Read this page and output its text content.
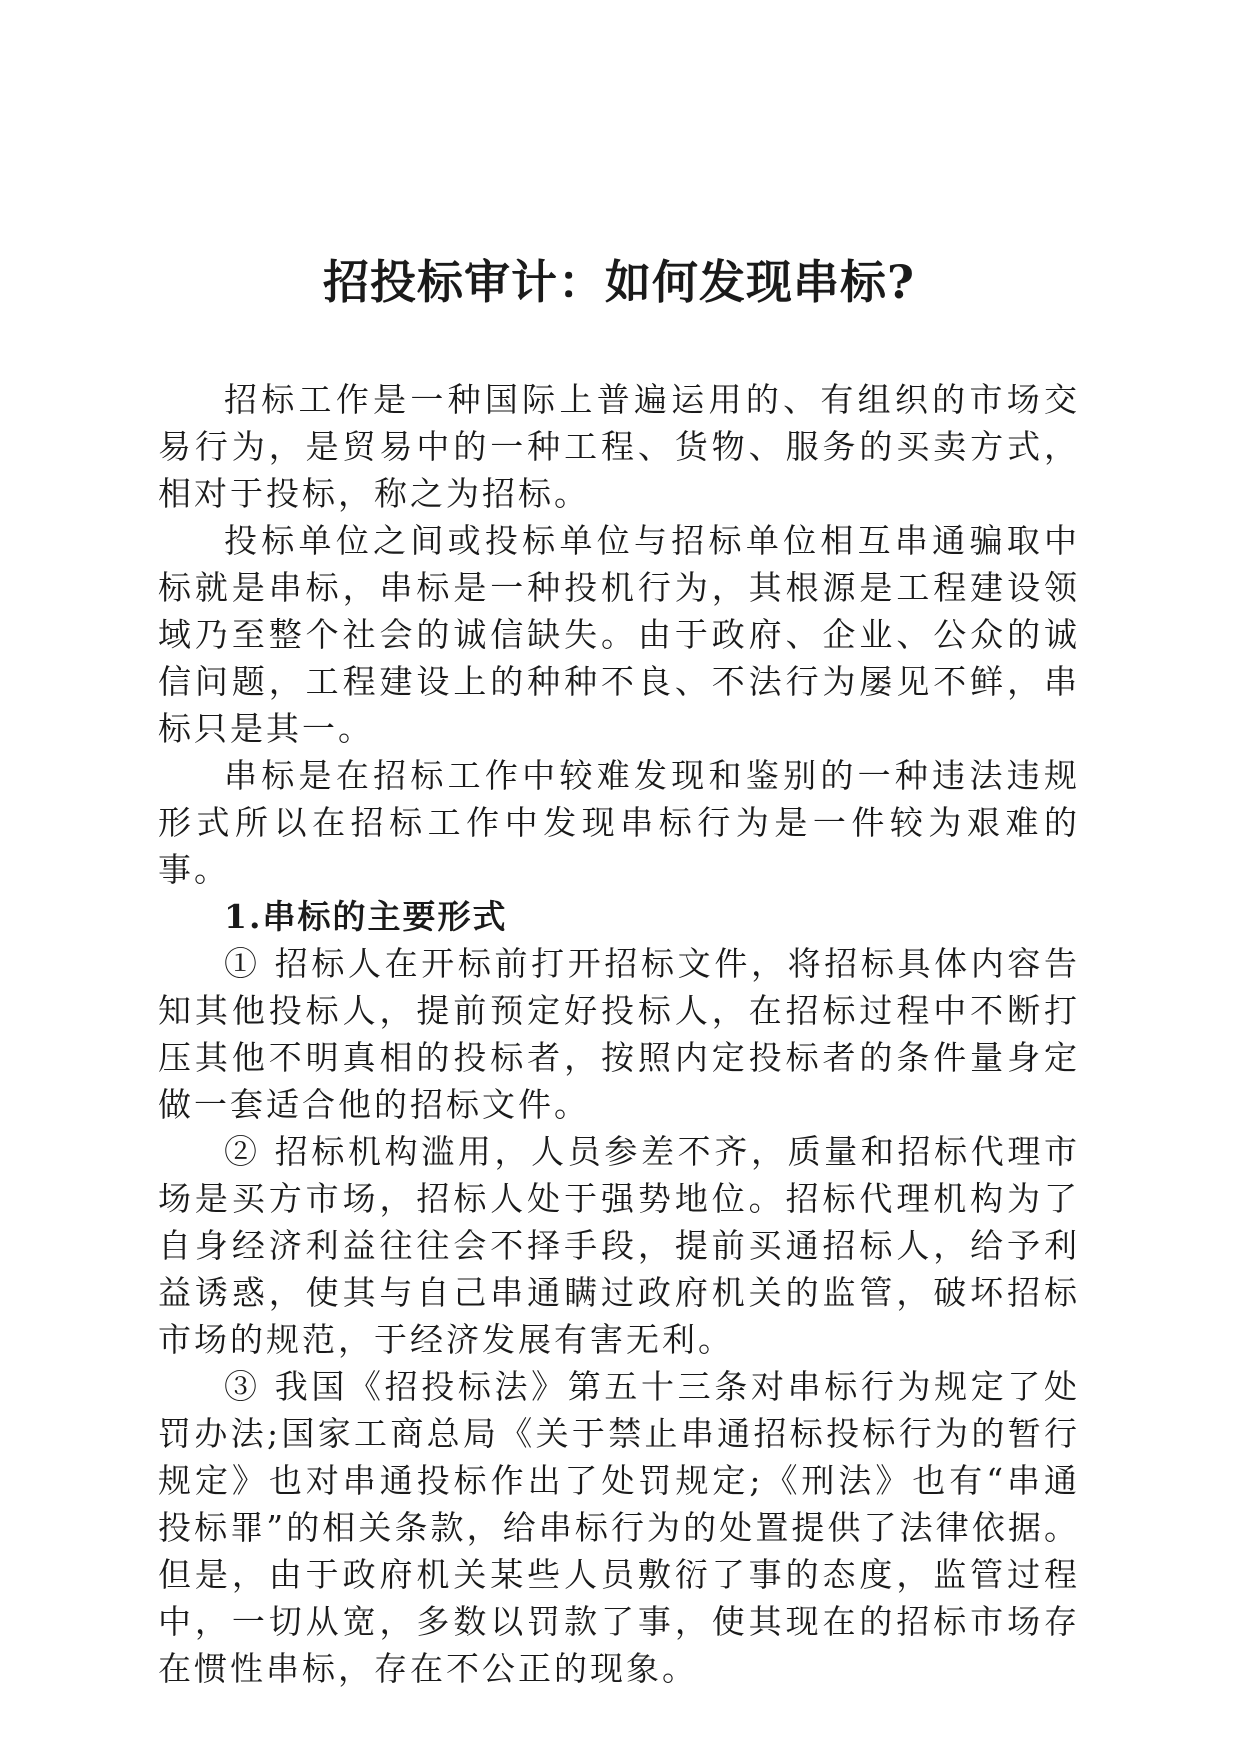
招投标审计：如何发现串标?

招标工作是一种国际上普遍运用的、有组织的市场交易行为，是贸易中的一种工程、货物、服务的买卖方式，相对于投标，称之为招标。

投标单位之间或投标单位与招标单位相互串通骗取中标就是串标，串标是一种投机行为，其根源是工程建设领域乃至整个社会的诚信缺失。由于政府、企业、公众的诚信问题，工程建设上的种种不良、不法行为屡见不鲜，串标只是其一。

串标是在招标工作中较难发现和鉴别的一种违法违规形式所以在招标工作中发现串标行为是一件较为艰难的事。

1.串标的主要形式

① 招标人在开标前打开招标文件，将招标具体内容告知其他投标人，提前预定好投标人，在招标过程中不断打压其他不明真相的投标者，按照内定投标者的条件量身定做一套适合他的招标文件。

② 招标机构滥用，人员参差不齐，质量和招标代理市场是买方市场，招标人处于强势地位。招标代理机构为了自身经济利益往往会不择手段，提前买通招标人，给予利益诱惑，使其与自己串通瞒过政府机关的监管，破坏招标市场的规范，于经济发展有害无利。

③ 我国《招投标法》第五十三条对串标行为规定了处罚办法;国家工商总局《关于禁止串通招标投标行为的暂行规定》也对串通投标作出了处罚规定;《刑法》也有“串通投标罪”的相关条款，给串标行为的处置提供了法律依据。但是，由于政府机关某些人员敷衍了事的态度，监管过程中，一切从宽，多数以罚款了事，使其现在的招标市场存在惯性串标，存在不公正的现象。
